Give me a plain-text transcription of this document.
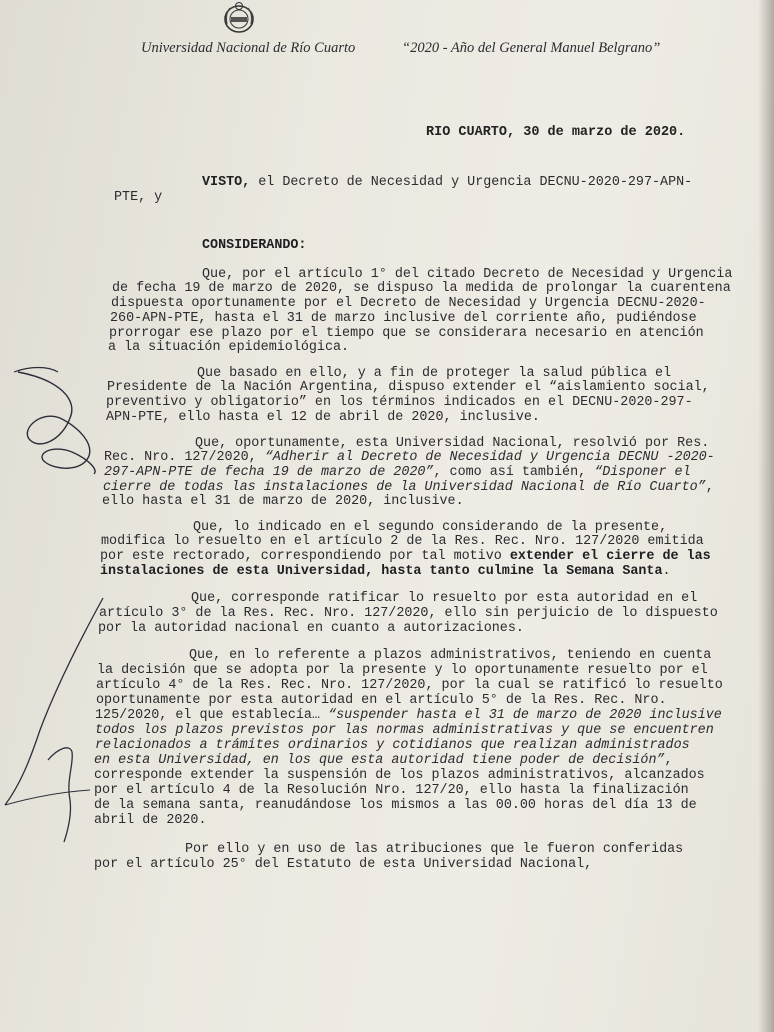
Universidad Nacional de Río Cuarto	“2020 - Año del General Manuel Belgrano”
RIO CUARTO, 30 de marzo de 2020.
VISTO, el Decreto de Necesidad y Urgencia DECNU-2020-297-APN-
PTE, y
CONSIDERANDO:
Que, por el artículo 1° del citado Decreto de Necesidad y Urgencia
de fecha 19 de marzo de 2020, se dispuso la medida de prolongar la cuarentena
dispuesta oportunamente por el Decreto de Necesidad y Urgencia DECNU-2020-
260-APN-PTE, hasta el 31 de marzo inclusive del corriente año, pudiéndose
prorrogar ese plazo por el tiempo que se considerara necesario en atención
a la situación epidemiológica.
Que basado en ello, y a fin de proteger la salud pública el
Presidente de la Nación Argentina, dispuso extender el “aislamiento social,
preventivo y obligatorio” en los términos indicados en el DECNU-2020-297-
APN-PTE, ello hasta el 12 de abril de 2020, inclusive.
Que, oportunamente, esta Universidad Nacional, resolvió por Res.
Rec. Nro. 127/2020, “Adherir al Decreto de Necesidad y Urgencia DECNU -2020-
297-APN-PTE de fecha 19 de marzo de 2020”, como así también, “Disponer el
cierre de todas las instalaciones de la Universidad Nacional de Río Cuarto”,
ello hasta el 31 de marzo de 2020, inclusive.
Que, lo indicado en el segundo considerando de la presente,
modifica lo resuelto en el artículo 2 de la Res. Rec. Nro. 127/2020 emitida
por este rectorado, correspondiendo por tal motivo extender el cierre de las
instalaciones de esta Universidad, hasta tanto culmine la Semana Santa.
Que, corresponde ratificar lo resuelto por esta autoridad en el
artículo 3° de la Res. Rec. Nro. 127/2020, ello sin perjuicio de lo dispuesto
por la autoridad nacional en cuanto a autorizaciones.
Que, en lo referente a plazos administrativos, teniendo en cuenta
la decisión que se adopta por la presente y lo oportunamente resuelto por el
artículo 4° de la Res. Rec. Nro. 127/2020, por la cual se ratificó lo resuelto
oportunamente por esta autoridad en el artículo 5° de la Res. Rec. Nro.
125/2020, el que establecía… “suspender hasta el 31 de marzo de 2020 inclusive
todos los plazos previstos por las normas administrativas y que se encuentren
relacionados a trámites ordinarios y cotidianos que realizan administrados
en esta Universidad, en los que esta autoridad tiene poder de decisión”,
corresponde extender la suspensión de los plazos administrativos, alcanzados
por el artículo 4 de la Resolución Nro. 127/20, ello hasta la finalización
de la semana santa, reanudándose los mismos a las 00.00 horas del día 13 de
abril de 2020.
Por ello y en uso de las atribuciones que le fueron conferidas
por el artículo 25° del Estatuto de esta Universidad Nacional,
